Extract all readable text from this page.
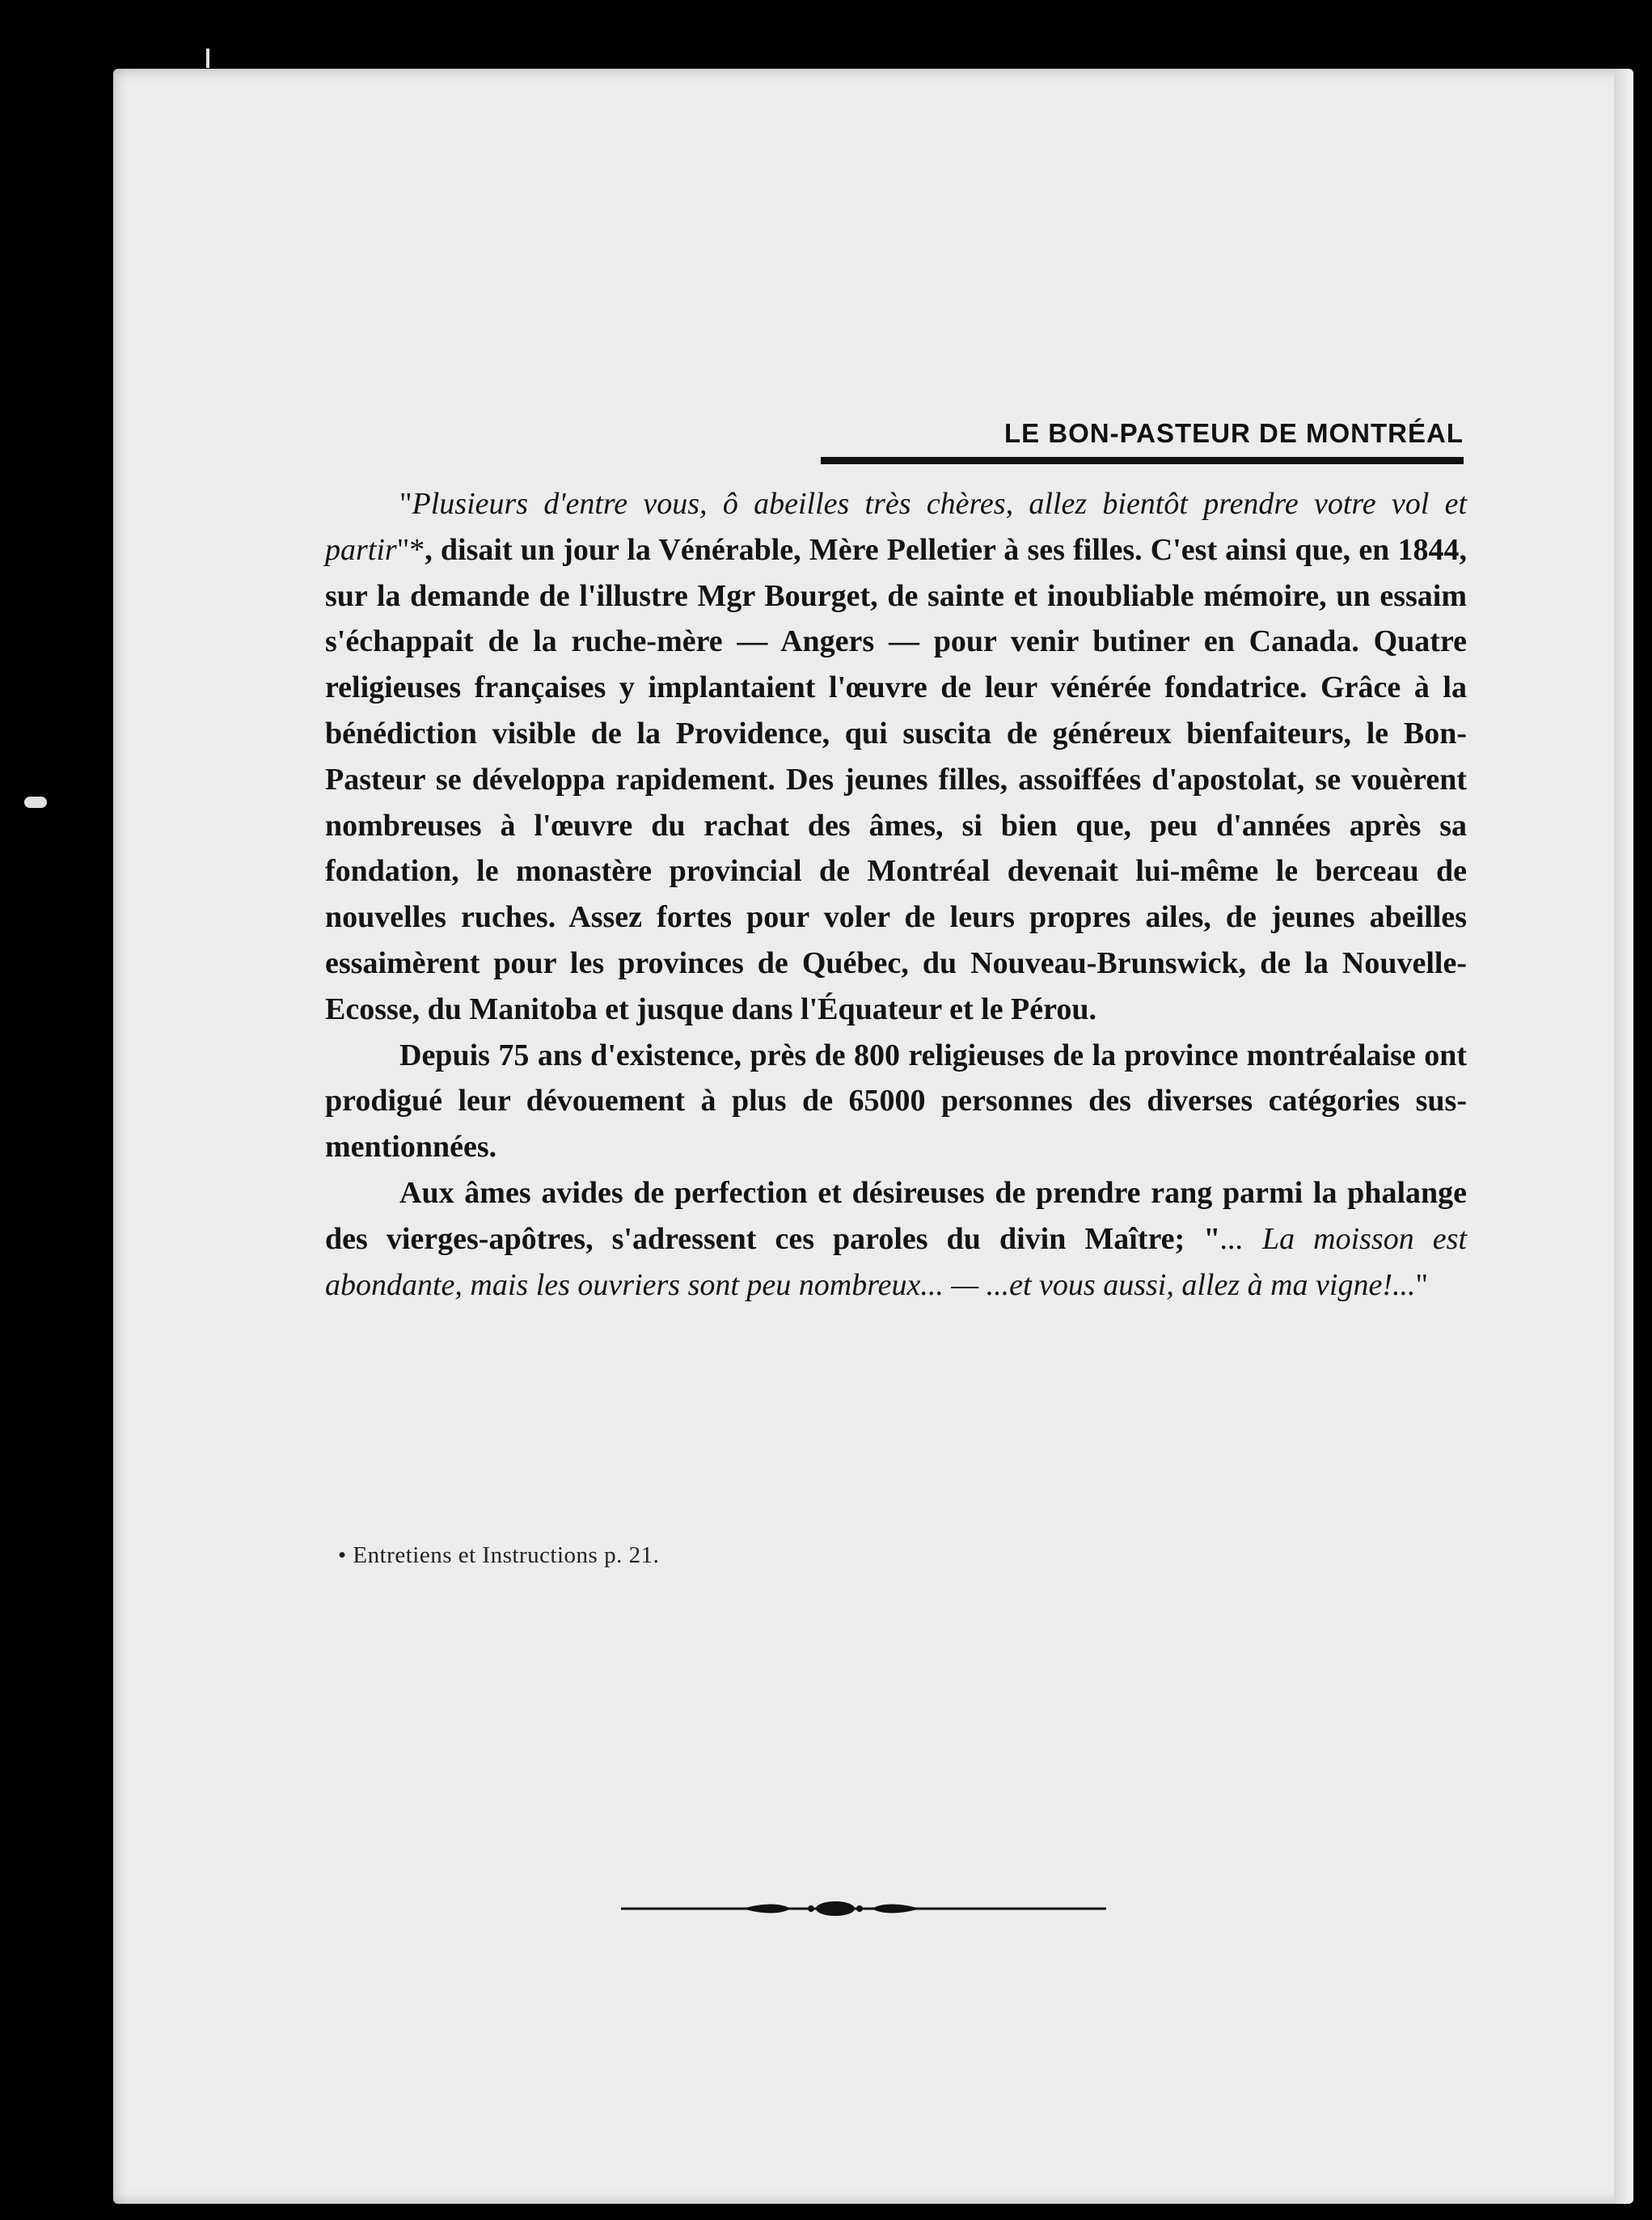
LE BON-PASTEUR DE MONTRÉAL

"Plusieurs d'entre vous, ô abeilles très chères, allez bientôt prendre votre vol et partir"*, disait un jour la Vénérable, Mère Pelletier à ses filles. C'est ainsi que, en 1844, sur la demande de l'illustre Mgr Bourget, de sainte et inoubliable mémoire, un essaim s'échappait de la ruche-mère — Angers — pour venir butiner en Canada. Quatre religieuses françaises y implantaient l'œuvre de leur vénérée fondatrice. Grâce à la bénédiction visible de la Providence, qui suscita de généreux bienfaiteurs, le Bon-Pasteur se développa rapidement. Des jeunes filles, assoiffées d'apostolat, se vouèrent nombreuses à l'œuvre du rachat des âmes, si bien que, peu d'années après sa fondation, le monastère provincial de Montréal devenait lui-même le berceau de nouvelles ruches. Assez fortes pour voler de leurs propres ailes, de jeunes abeilles essaimèrent pour les provinces de Québec, du Nouveau-Brunswick, de la Nouvelle-Ecosse, du Manitoba et jusque dans l'Équateur et le Pérou.

Depuis 75 ans d'existence, près de 800 religieuses de la province montréalaise ont prodigué leur dévouement à plus de 65000 personnes des diverses catégories sus-mentionnées.

Aux âmes avides de perfection et désireuses de prendre rang parmi la phalange des vierges-apôtres, s'adressent ces paroles du divin Maître; "... La moisson est abondante, mais les ouvriers sont peu nombreux... — ...et vous aussi, allez à ma vigne!..."

• Entretiens et Instructions p. 21.
